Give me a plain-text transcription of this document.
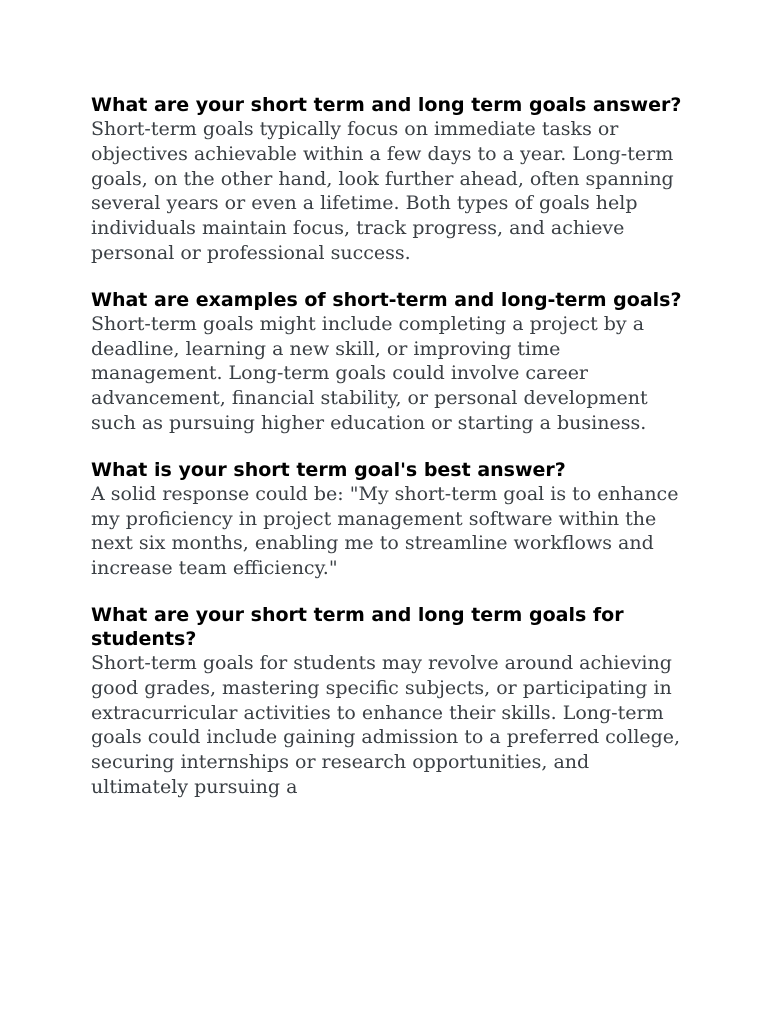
What are your short term and long term goals answer?

Short-term goals typically focus on immediate tasks or objectives achievable within a few days to a year. Long-term goals, on the other hand, look further ahead, often spanning several years or even a lifetime. Both types of goals help individuals maintain focus, track progress, and achieve personal or professional success.

What are examples of short-term and long-term goals?

Short-term goals might include completing a project by a deadline, learning a new skill, or improving time management. Long-term goals could involve career advancement, financial stability, or personal development such as pursuing higher education or starting a business.

What is your short term goal's best answer?

A solid response could be: "My short-term goal is to enhance my proficiency in project management software within the next six months, enabling me to streamline workflows and increase team efficiency."

What are your short term and long term goals for students?

Short-term goals for students may revolve around achieving good grades, mastering specific subjects, or participating in extracurricular activities to enhance their skills. Long-term goals could include gaining admission to a preferred college, securing internships or research opportunities, and ultimately pursuing a
